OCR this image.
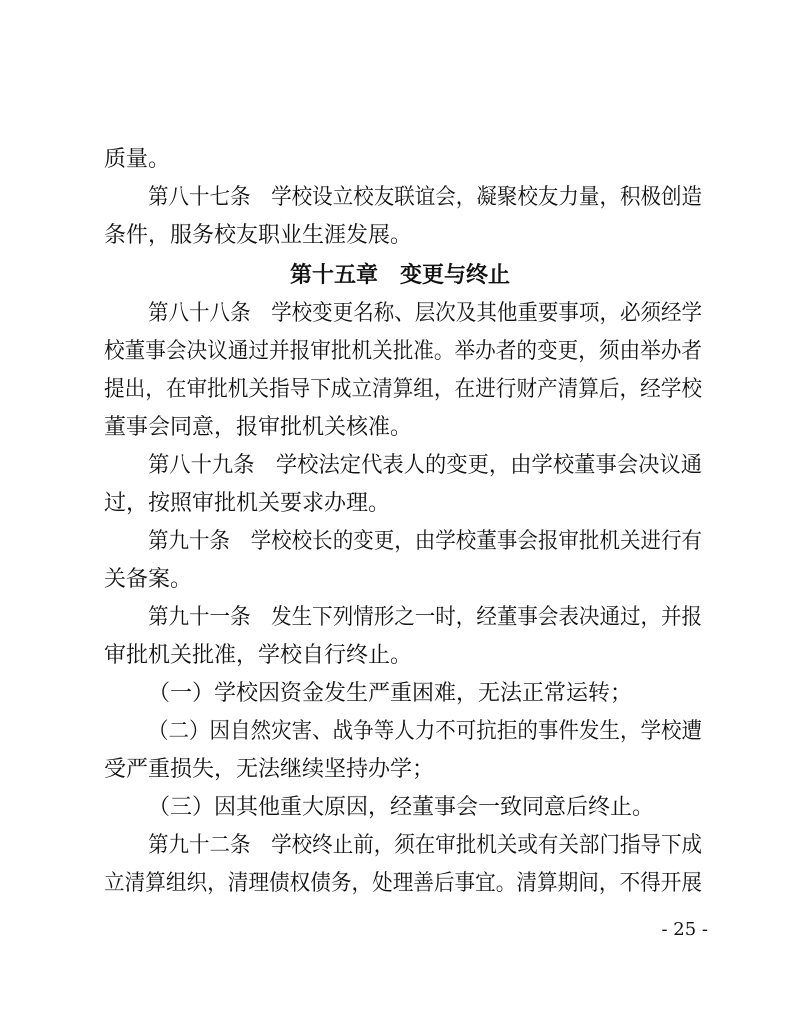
质量。
第八十七条 学校设立校友联谊会，凝聚校友力量，积极创造
条件，服务校友职业生涯发展。
第十五章 变更与终止
第八十八条 学校变更名称、层次及其他重要事项，必须经学
校董事会决议通过并报审批机关批准。举办者的变更，须由举办者
提出，在审批机关指导下成立清算组，在进行财产清算后，经学校
董事会同意，报审批机关核准。
第八十九条 学校法定代表人的变更，由学校董事会决议通
过，按照审批机关要求办理。
第九十条 学校校长的变更，由学校董事会报审批机关进行有
关备案。
第九十一条 发生下列情形之一时，经董事会表决通过，并报
审批机关批准，学校自行终止。
（一）学校因资金发生严重困难，无法正常运转；
（二）因自然灾害、战争等人力不可抗拒的事件发生，学校遭
受严重损失，无法继续坚持办学；
（三）因其他重大原因，经董事会一致同意后终止。
第九十二条 学校终止前，须在审批机关或有关部门指导下成
立清算组织，清理债权债务，处理善后事宜。清算期间，不得开展
- 25 -
